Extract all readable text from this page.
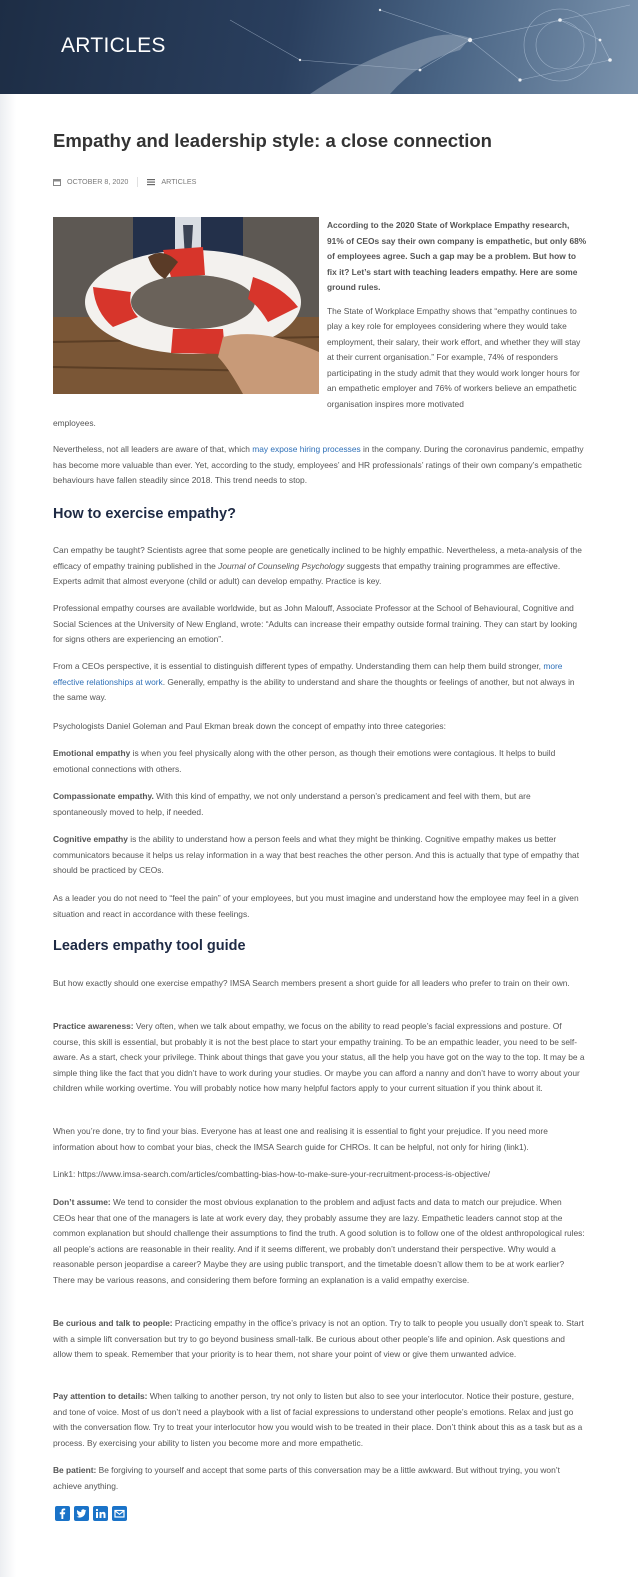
ARTICLES
Empathy and leadership style: a close connection
OCTOBER 8, 2020	ARTICLES

According to the 2020 State of Workplace Empathy research, 91% of CEOs say their own company is empathetic, but only 68% of employees agree. Such a gap may be a problem. But how to fix it? Let’s start with teaching leaders empathy. Here are some ground rules.

The State of Workplace Empathy shows that “empathy continues to play a key role for employees considering where they would take employment, their salary, their work effort, and whether they will stay at their current organisation.” For example, 74% of responders participating in the study admit that they would work longer hours for an empathetic employer and 76% of workers believe an empathetic organisation inspires more motivated

employees.

Nevertheless, not all leaders are aware of that, which may expose hiring processes in the company. During the coronavirus pandemic, empathy has become more valuable than ever. Yet, according to the study, employees’ and HR professionals’ ratings of their own company’s empathetic behaviours have fallen steadily since 2018. This trend needs to stop.

How to exercise empathy?

Can empathy be taught? Scientists agree that some people are genetically inclined to be highly empathic. Nevertheless, a meta-analysis of the efficacy of empathy training published in the Journal of Counseling Psychology suggests that empathy training programmes are effective. Experts admit that almost everyone (child or adult) can develop empathy. Practice is key.

Professional empathy courses are available worldwide, but as John Malouff, Associate Professor at the School of Behavioural, Cognitive and Social Sciences at the University of New England, wrote: “Adults can increase their empathy outside formal training. They can start by looking for signs others are experiencing an emotion”.

From a CEOs perspective, it is essential to distinguish different types of empathy. Understanding them can help them build stronger, more effective relationships at work. Generally, empathy is the ability to understand and share the thoughts or feelings of another, but not always in the same way.

Psychologists Daniel Goleman and Paul Ekman break down the concept of empathy into three categories:

Emotional empathy is when you feel physically along with the other person, as though their emotions were contagious. It helps to build emotional connections with others.

Compassionate empathy. With this kind of empathy, we not only understand a person’s predicament and feel with them, but are spontaneously moved to help, if needed.

Cognitive empathy is the ability to understand how a person feels and what they might be thinking. Cognitive empathy makes us better communicators because it helps us relay information in a way that best reaches the other person. And this is actually that type of empathy that should be practiced by CEOs.

As a leader you do not need to “feel the pain” of your employees, but you must imagine and understand how the employee may feel in a given situation and react in accordance with these feelings.

Leaders empathy tool guide

But how exactly should one exercise empathy? IMSA Search members present a short guide for all leaders who prefer to train on their own.

Practice awareness: Very often, when we talk about empathy, we focus on the ability to read people’s facial expressions and posture. Of course, this skill is essential, but probably it is not the best place to start your empathy training. To be an empathic leader, you need to be self-aware. As a start, check your privilege. Think about things that gave you your status, all the help you have got on the way to the top. It may be a simple thing like the fact that you didn’t have to work during your studies. Or maybe you can afford a nanny and don’t have to worry about your children while working overtime. You will probably notice how many helpful factors apply to your current situation if you think about it.

When you’re done, try to find your bias. Everyone has at least one and realising it is essential to fight your prejudice. If you need more information about how to combat your bias, check the IMSA Search guide for CHROs. It can be helpful, not only for hiring (link1).

Link1: https://www.imsa-search.com/articles/combatting-bias-how-to-make-sure-your-recruitment-process-is-objective/

Don’t assume: We tend to consider the most obvious explanation to the problem and adjust facts and data to match our prejudice. When CEOs hear that one of the managers is late at work every day, they probably assume they are lazy. Empathetic leaders cannot stop at the common explanation but should challenge their assumptions to find the truth. A good solution is to follow one of the oldest anthropological rules: all people’s actions are reasonable in their reality. And if it seems different, we probably don’t understand their perspective. Why would a reasonable person jeopardise a career? Maybe they are using public transport, and the timetable doesn’t allow them to be at work earlier? There may be various reasons, and considering them before forming an explanation is a valid empathy exercise.

Be curious and talk to people: Practicing empathy in the office’s privacy is not an option. Try to talk to people you usually don’t speak to. Start with a simple lift conversation but try to go beyond business small-talk. Be curious about other people’s life and opinion. Ask questions and allow them to speak. Remember that your priority is to hear them, not share your point of view or give them unwanted advice.

Pay attention to details: When talking to another person, try not only to listen but also to see your interlocutor. Notice their posture, gesture, and tone of voice. Most of us don’t need a playbook with a list of facial expressions to understand other people’s emotions. Relax and just go with the conversation flow. Try to treat your interlocutor how you would wish to be treated in their place. Don’t think about this as a task but as a process. By exercising your ability to listen you become more and more empathetic.

Be patient: Be forgiving to yourself and accept that some parts of this conversation may be a little awkward. But without trying, you won’t achieve anything.
